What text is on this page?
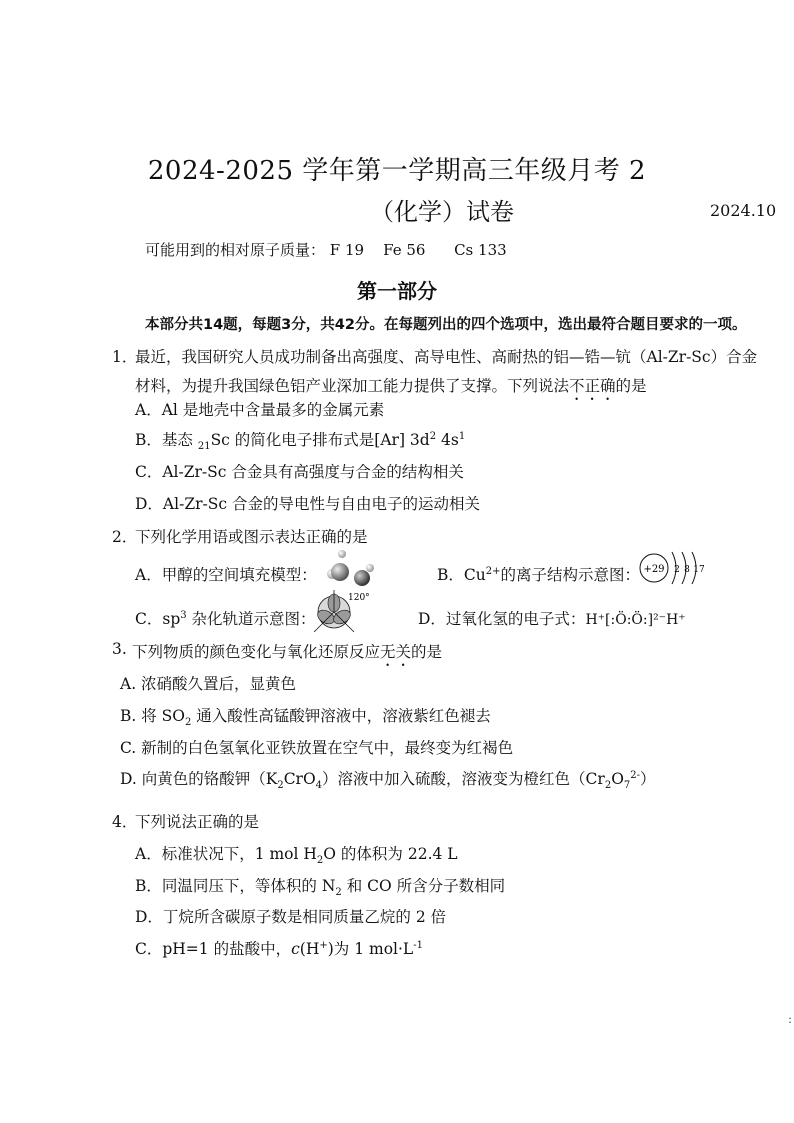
2024-2025 学年第一学期高三年级月考 2
（化学）试卷	2024.10
可能用到的相对原子质量： F 19 Fe 56 Cs 133
第一部分
本部分共14题，每题3分，共42分。在每题列出的四个选项中，选出最符合题目要求的一项。
1．
最近，我国研究人员成功制备出高强度、高导电性、高耐热的铝—锆—钪（Al-Zr-Sc）合金
材料，为提升我国绿色铝产业深加工能力提供了支撑。下列说法不正确的是
A．Al 是地壳中含量最多的金属元素
B．基态 $_{21}$Sc 的简化电子排布式是[Ar] $3d^2$ $4s^1$
C．Al-Zr-Sc 合金具有高强度与合金的结构相关
D．Al-Zr-Sc 合金的导电性与自由电子的运动相关
2．
下列化学用语或图示表达正确的是
A．甲醇的空间填充模型：	B．$Cu^{2+}$的离子结构示意图： +29 2 8 17
C．$sp^3$ 杂化轨道示意图：
120°
D．过氧化氢的电子式：H⁺[:Ö:Ö:]²⁻H⁺
3. 下列物质的颜色变化与氧化还原反应无关的是
A. 浓硝酸久置后，显黄色
B. 将 $SO_2$ 通入酸性高锰酸钾溶液中，溶液紫红色褪去
C. 新制的白色氢氧化亚铁放置在空气中，最终变为红褐色
D. 向黄色的铬酸钾$(K_2CrO_4)$溶液中加入硫酸，溶液变为橙红色$(Cr_2O_7^{2-})$
4．
下列说法正确的是
A．标准状况下，1 mol $H_2O$ 的体积为 22.4 L
B．同温同压下，等体积的 $N_2$ 和 CO 所含分子数相同
D．丁烷所含碳原子数是相同质量乙烷的 2 倍
C．pH=1 的盐酸中，c(H+)为 1 $mol\cdot L^{-1}$
:
